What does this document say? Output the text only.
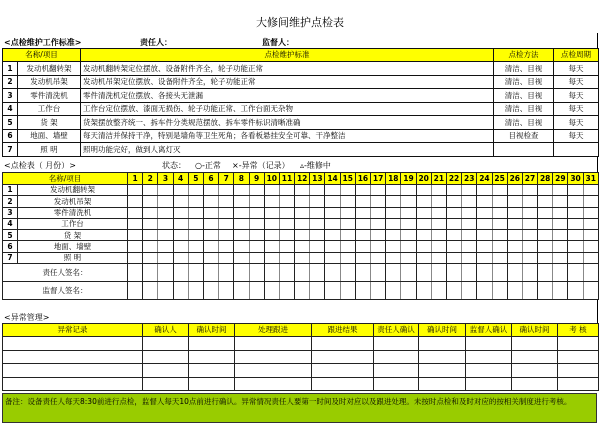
大修间维护点检表
<点检维护工作标准>	责任人：	监督人：
名称/项目		点检维护标准	点检方法	点检周期
1	发动机翻转架	发动机翻转架定位摆放、设备附件齐全，轮子功能正常	清洁、目视	每天
2	发动机吊架	发动机吊架定位摆放、设备附件齐全，轮子功能正常	清洁、目视	每天
3	零件清洗机	零件清洗机定位摆放、各接头无泄漏	清洁、目视	每天
4	工作台	工作台定位摆放、漆面无损伤、轮子功能正常、工作台面无杂物	清洁、目视	每天
5	货 架	货架摆放整齐统一、拆车件分类规范摆放、拆车零件标识清晰准确	清洁、目视	每天
6	地面、墙壁	每天清洁并保持干净，特别是墙角等卫生死角；各看板悬挂安全可靠、干净整洁	目视检查	每天
7	照 明	照明功能完好，做到人离灯灭		
<点检表（ 月份）>	状态： ○-正常 ×-异常（记录） ▵-维修中
名称/项目		1	2	3	4	5	6	7	8	9	10	11	12	13	14	15	16	17	18	19	20	21	22	23	24	25	26	27	28	29	30	31
1	发动机翻转架																															
2	发动机吊架																															
3	零件清洗机																															
4	工作台																															
5	货 架																															
6	地面、墙壁																															
7	照 明																															
责任人签名：																																
监督人签名：																																
<异常管理>
异常记录	确认人	确认时间	处理跟进	跟进结果	责任人确认	确认时间	监督人确认	确认时间	考 核

备注：设备责任人每天8:30前进行点检，监督人每天10点前进行确认。异常情况责任人要第一时间及时对应以及跟进处理。未按时点检和及时对应的按相关制度进行考核。
